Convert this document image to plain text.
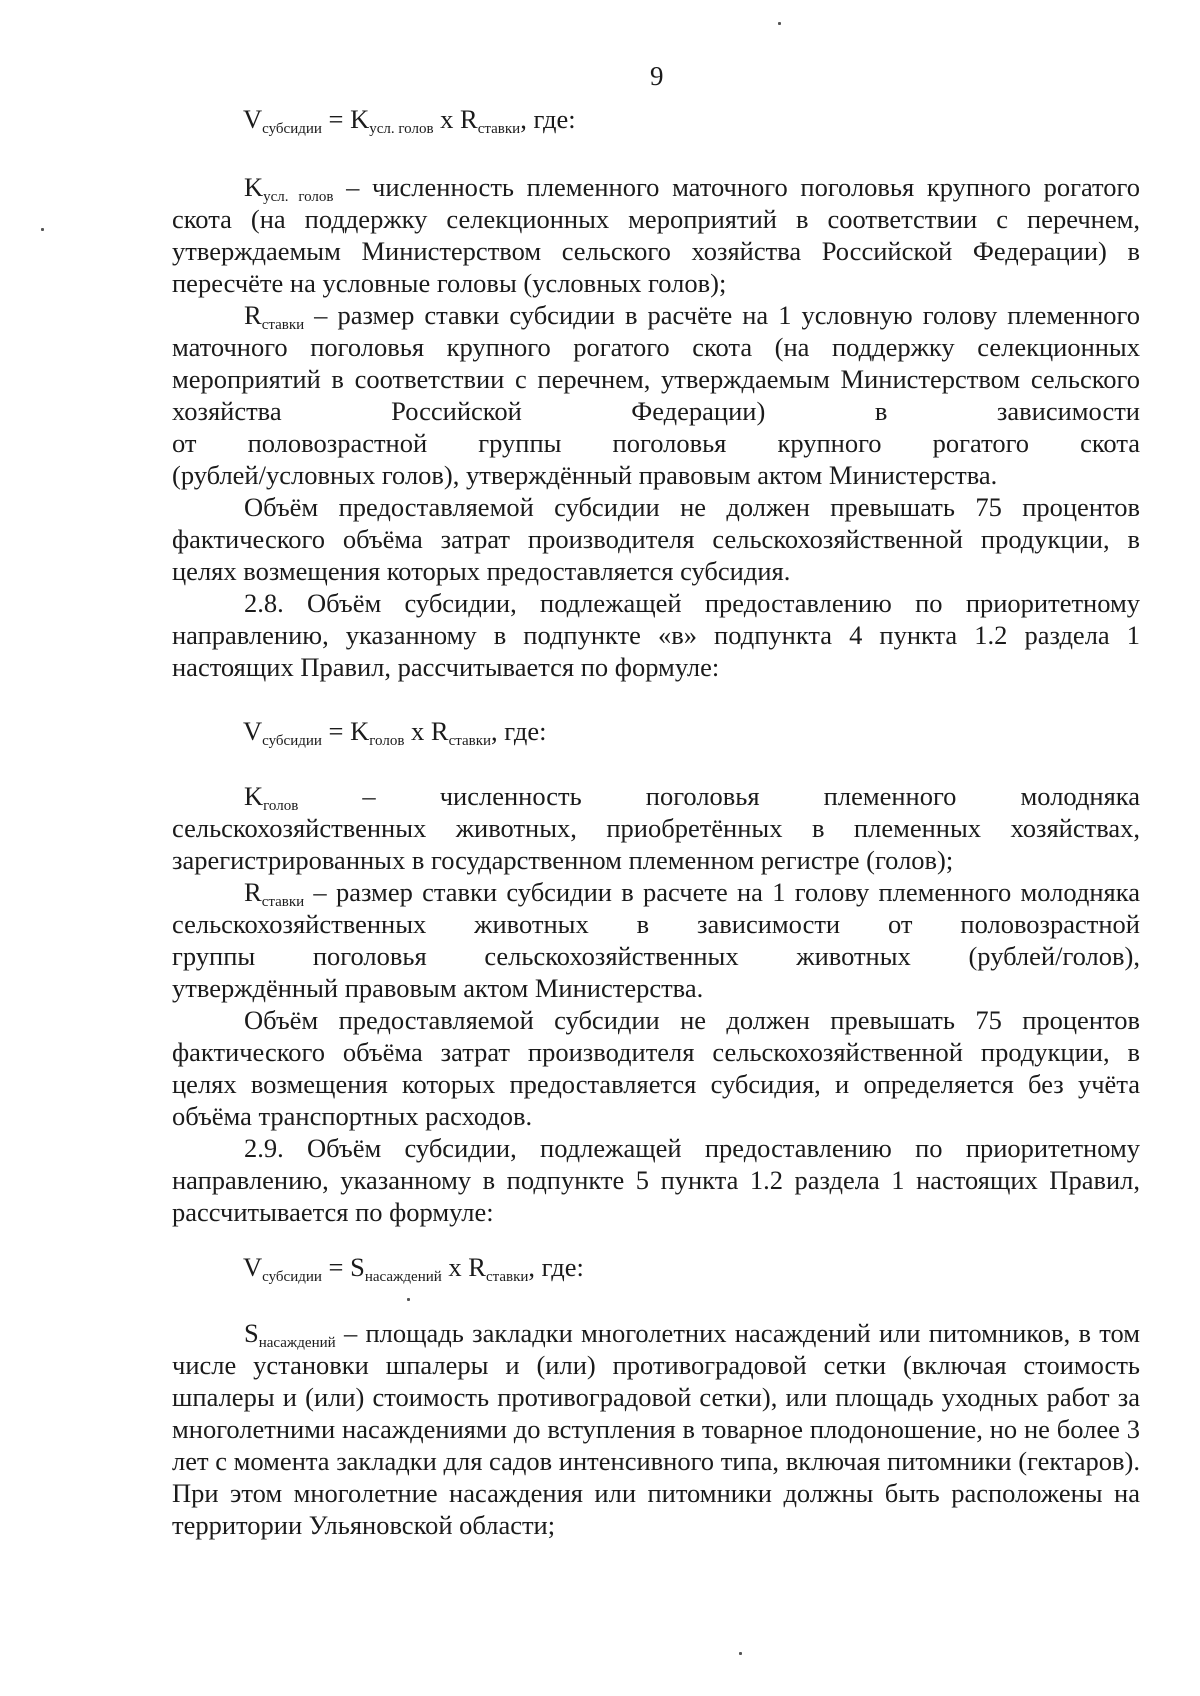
9
$V_{субсидии} = K_{усл. голов}$ x $R_{ставки}$, где:

$K_{усл. голов}$ – численность племенного маточного поголовья крупного рогатого скота (на поддержку селекционных мероприятий в соответствии с перечнем, утверждаемым Министерством сельского хозяйства Российской Федерации) в пересчёте на условные головы (условных голов);

$R_{ставки}$ – размер ставки субсидии в расчёте на 1 условную голову племенного маточного поголовья крупного рогатого скота (на поддержку селекционных мероприятий в соответствии с перечнем, утверждаемым Министерством сельского хозяйства Российской Федерации) в зависимости

от половозрастной группы поголовья крупного рогатого скота

(рублей/условных голов), утверждённый правовым актом Министерства.

Объём предоставляемой субсидии не должен превышать 75 процентов фактического объёма затрат производителя сельскохозяйственной продукции, в целях возмещения которых предоставляется субсидия.

2.8. Объём субсидии, подлежащей предоставлению по приоритетному направлению, указанному в подпункте «в» подпункта 4 пункта 1.2 раздела 1 настоящих Правил, рассчитывается по формуле:

$V_{субсидии} = K_{голов}$ x $R_{ставки}$, где:

$K_{голов}$ – численность поголовья племенного молодняка

сельскохозяйственных животных, приобретённых в племенных хозяйствах, зарегистрированных в государственном племенном регистре (голов);

$R_{ставки}$ – размер ставки субсидии в расчете на 1 голову племенного молодняка сельскохозяйственных животных в зависимости от половозрастной

группы поголовья сельскохозяйственных животных (рублей/голов),

утверждённый правовым актом Министерства.

Объём предоставляемой субсидии не должен превышать 75 процентов фактического объёма затрат производителя сельскохозяйственной продукции, в целях возмещения которых предоставляется субсидия, и определяется без учёта объёма транспортных расходов.

2.9. Объём субсидии, подлежащей предоставлению по приоритетному направлению, указанному в подпункте 5 пункта 1.2 раздела 1 настоящих Правил, рассчитывается по формуле:

$V_{субсидии} = S_{насаждений}$ x $R_{ставки}$, где:

$S_{насаждений}$ – площадь закладки многолетних насаждений или питомников, в том числе установки шпалеры и (или) противоградовой сетки (включая стоимость шпалеры и (или) стоимость противоградовой сетки), или площадь уходных работ за многолетними насаждениями до вступления в товарное плодоношение, но не более 3 лет с момента закладки для садов интенсивного типа, включая питомники (гектаров). При этом многолетние насаждения или питомники должны быть расположены на территории Ульяновской области;
